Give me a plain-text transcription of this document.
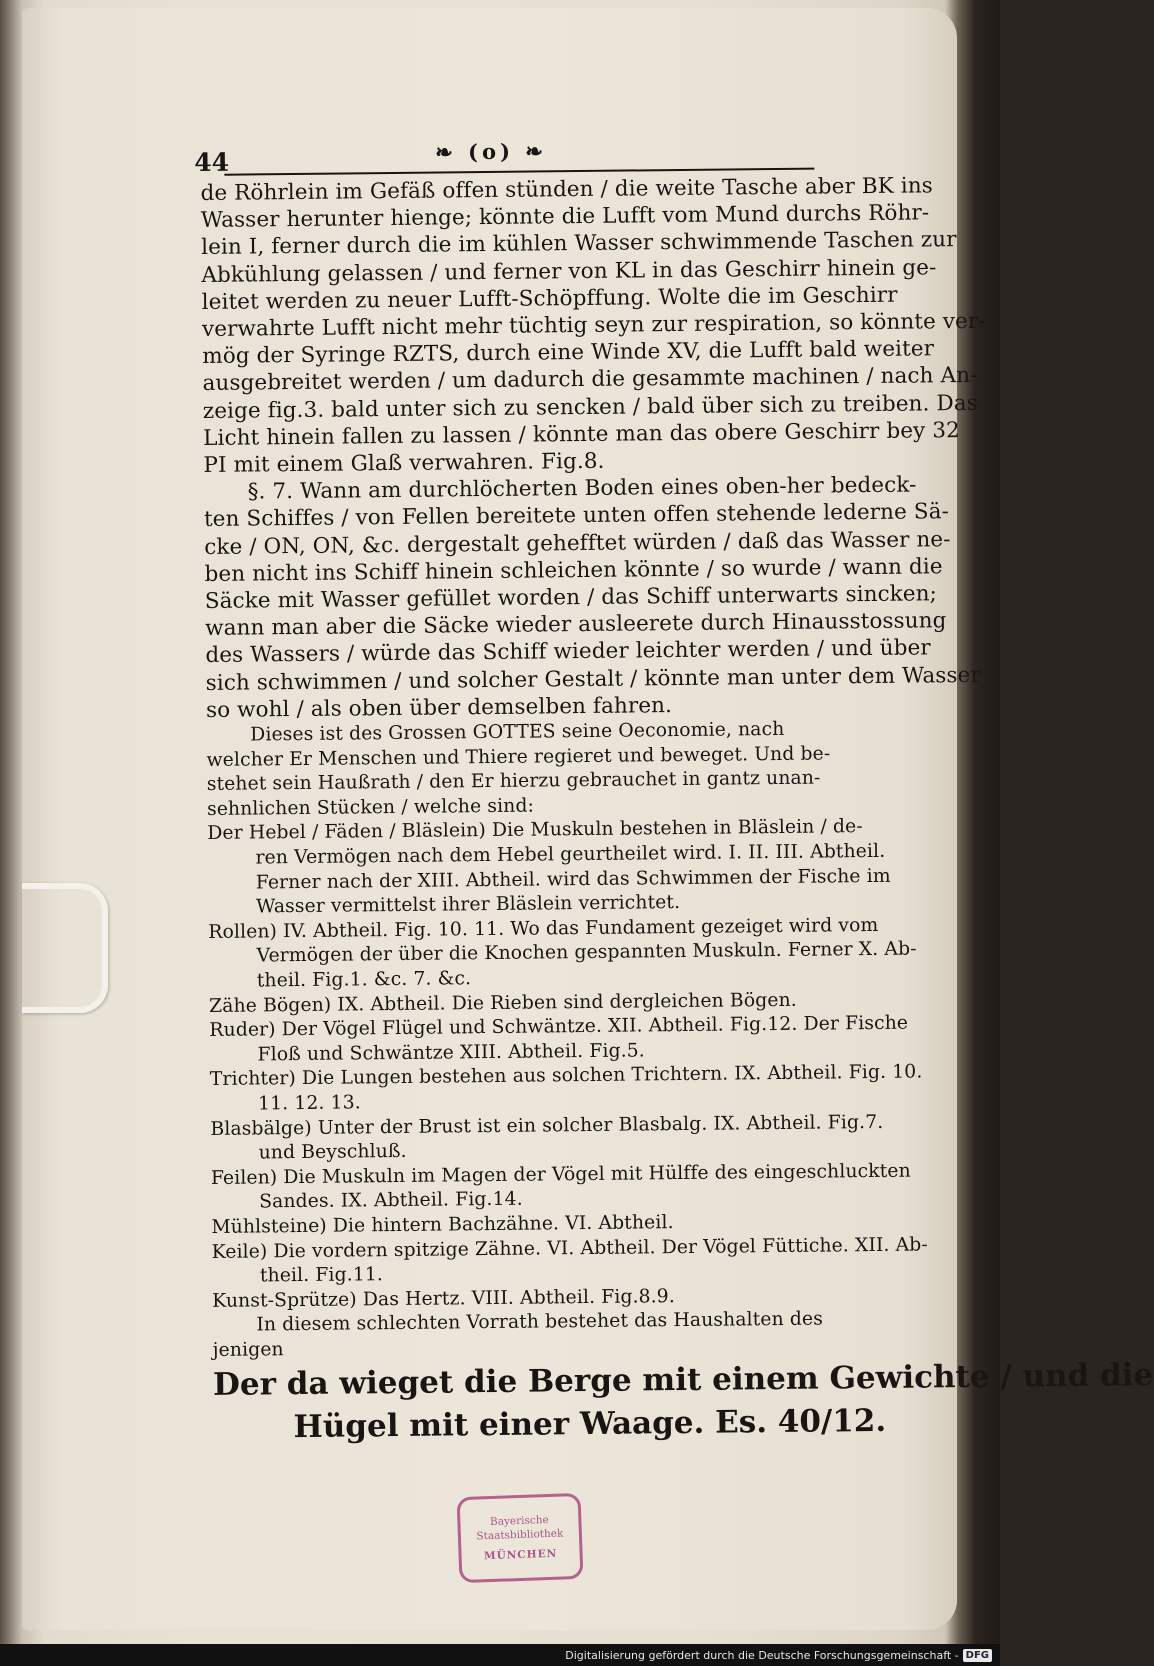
44	❧ (o) ❧
de Röhrlein im Gefäß offen stünden / die weite Tasche aber BK ins
Wasser herunter hienge; könnte die Lufft vom Mund durchs Röhr-
lein I, ferner durch die im kühlen Wasser schwimmende Taschen zur
Abkühlung gelassen / und ferner von KL in das Geschirr hinein ge-
leitet werden zu neuer Lufft-Schöpffung. Wolte die im Geschirr
verwahrte Lufft nicht mehr tüchtig seyn zur respiration, so könnte ver-
mög der Syringe RZTS, durch eine Winde XV, die Lufft bald weiter
ausgebreitet werden / um dadurch die gesammte machinen / nach An-
zeige fig.3. bald unter sich zu sencken / bald über sich zu treiben. Das
Licht hinein fallen zu lassen / könnte man das obere Geschirr bey 32
PI mit einem Glaß verwahren. Fig.8.
§. 7. Wann am durchlöcherten Boden eines oben-her bedeck-
ten Schiffes / von Fellen bereitete unten offen stehende lederne Sä-
cke / ON, ON, &c. dergestalt gehefftet würden / daß das Wasser ne-
ben nicht ins Schiff hinein schleichen könnte / so wurde / wann die
Säcke mit Wasser gefüllet worden / das Schiff unterwarts sincken;
wann man aber die Säcke wieder ausleerete durch Hinausstossung
des Wassers / würde das Schiff wieder leichter werden / und über
sich schwimmen / und solcher Gestalt / könnte man unter dem Wasser
so wohl / als oben über demselben fahren.
Dieses ist des Grossen GOTTES seine Oeconomie, nach
welcher Er Menschen und Thiere regieret und beweget. Und be-
stehet sein Haußrath / den Er hierzu gebrauchet in gantz unan-
sehnlichen Stücken / welche sind:
Der Hebel / Fäden / Bläslein) Die Muskuln bestehen in Bläslein / de-
ren Vermögen nach dem Hebel geurtheilet wird. I. II. III. Abtheil.
Ferner nach der XIII. Abtheil. wird das Schwimmen der Fische im
Wasser vermittelst ihrer Bläslein verrichtet.
Rollen) IV. Abtheil. Fig. 10. 11. Wo das Fundament gezeiget wird vom
Vermögen der über die Knochen gespannten Muskuln. Ferner X. Ab-
theil. Fig.1. &c. 7. &c.
Zähe Bögen) IX. Abtheil. Die Rieben sind dergleichen Bögen.
Ruder) Der Vögel Flügel und Schwäntze. XII. Abtheil. Fig.12. Der Fische
Floß und Schwäntze XIII. Abtheil. Fig.5.
Trichter) Die Lungen bestehen aus solchen Trichtern. IX. Abtheil. Fig. 10.
11. 12. 13.
Blasbälge) Unter der Brust ist ein solcher Blasbalg. IX. Abtheil. Fig.7.
und Beyschluß.
Feilen) Die Muskuln im Magen der Vögel mit Hülffe des eingeschluckten
Sandes. IX. Abtheil. Fig.14.
Mühlsteine) Die hintern Bachzähne. VI. Abtheil.
Keile) Die vordern spitzige Zähne. VI. Abtheil. Der Vögel Füttiche. XII. Ab-
theil. Fig.11.
Kunst-Sprütze) Das Hertz. VIII. Abtheil. Fig.8.9.
In diesem schlechten Vorrath bestehet das Haushalten des
jenigen
Der da wieget die Berge mit einem Gewichte / und die
Hügel mit einer Waage. Es. 40/12.
Bayerische
Staatsbibliothek
MÜNCHEN
Digitalisierung gefördert durch die Deutsche Forschungsgemeinschaft - DFG
